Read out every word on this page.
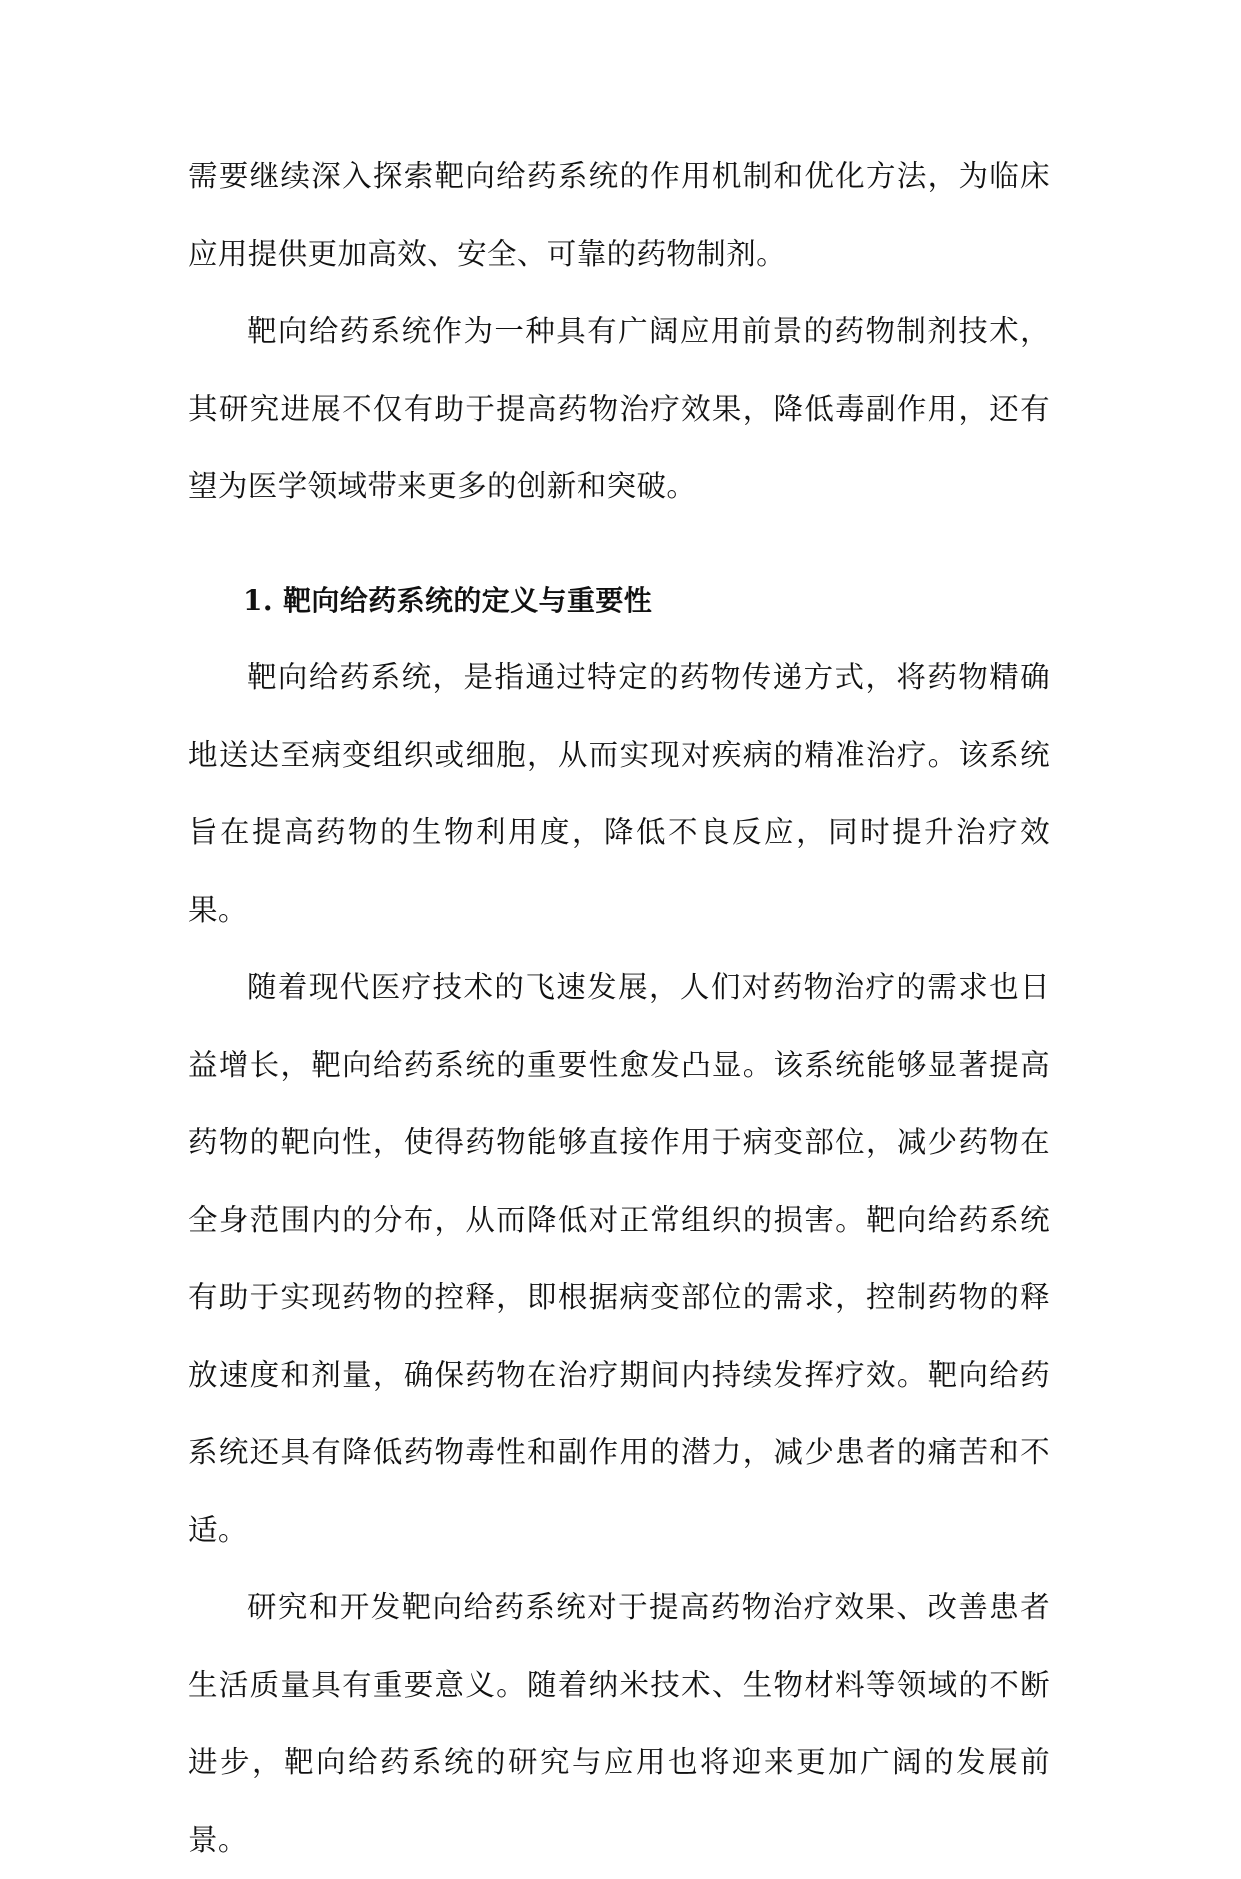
需要继续深入探索靶向给药系统的作用机制和优化方法，为临床应用提供更加高效、安全、可靠的药物制剂。

靶向给药系统作为一种具有广阔应用前景的药物制剂技术，其研究进展不仅有助于提高药物治疗效果，降低毒副作用，还有望为医学领域带来更多的创新和突破。

1. 靶向给药系统的定义与重要性

靶向给药系统，是指通过特定的药物传递方式，将药物精确地送达至病变组织或细胞，从而实现对疾病的精准治疗。该系统旨在提高药物的生物利用度，降低不良反应，同时提升治疗效果。

随着现代医疗技术的飞速发展，人们对药物治疗的需求也日益增长，靶向给药系统的重要性愈发凸显。该系统能够显著提高药物的靶向性，使得药物能够直接作用于病变部位，减少药物在全身范围内的分布，从而降低对正常组织的损害。靶向给药系统有助于实现药物的控释，即根据病变部位的需求，控制药物的释放速度和剂量，确保药物在治疗期间内持续发挥疗效。靶向给药系统还具有降低药物毒性和副作用的潜力，减少患者的痛苦和不适。

研究和开发靶向给药系统对于提高药物治疗效果、改善患者生活质量具有重要意义。随着纳米技术、生物材料等领域的不断进步，靶向给药系统的研究与应用也将迎来更加广阔的发展前景。
